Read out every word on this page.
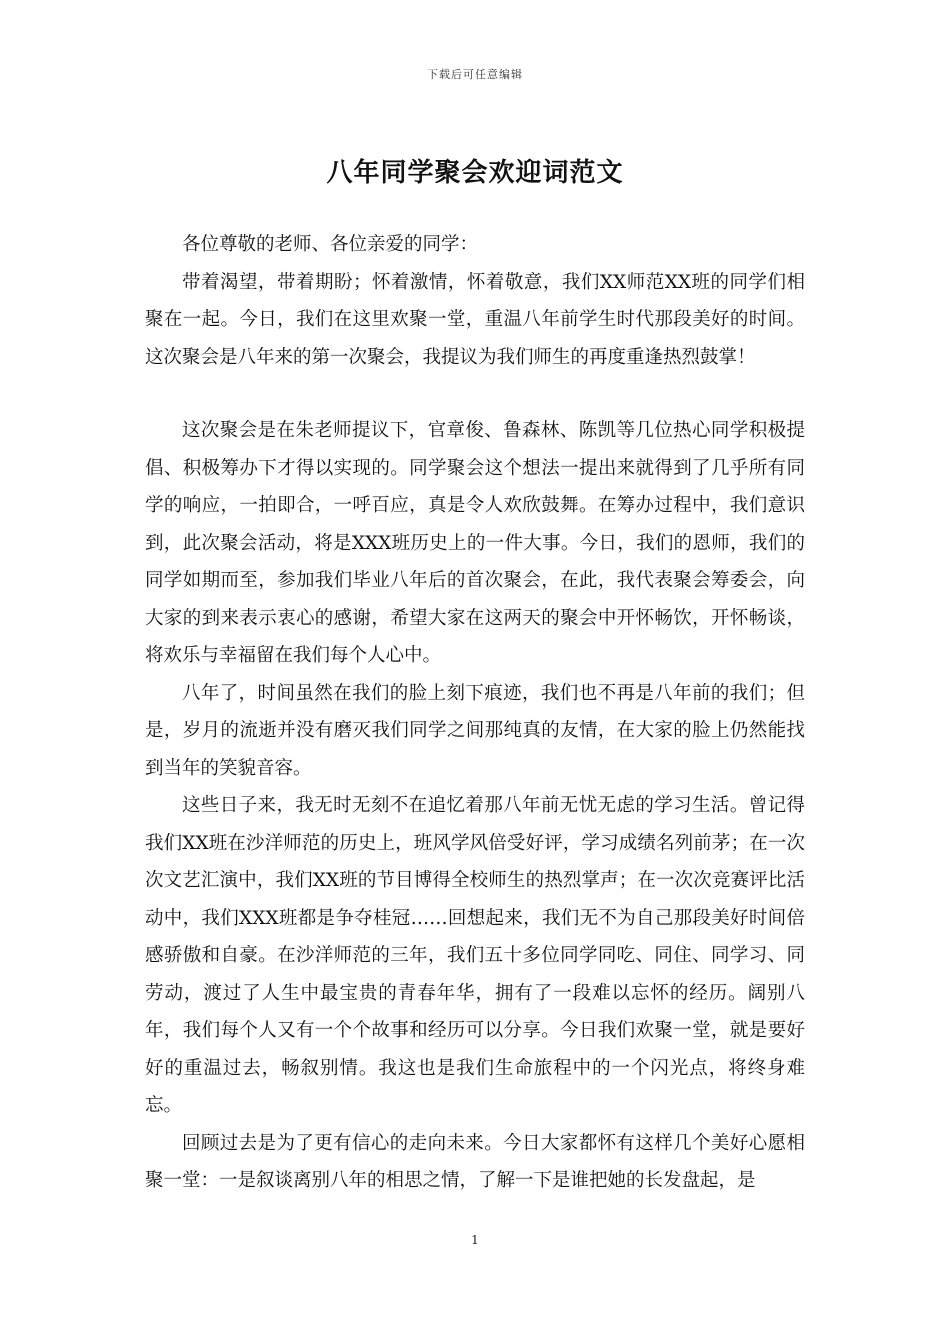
下载后可任意编辑
八年同学聚会欢迎词范文

各位尊敬的老师、各位亲爱的同学：

带着渴望，带着期盼；怀着激情，怀着敬意，我们XX师范XX班的同学们相聚在一起。今日，我们在这里欢聚一堂，重温八年前学生时代那段美好的时间。这次聚会是八年来的第一次聚会，我提议为我们师生的再度重逢热烈鼓掌！

这次聚会是在朱老师提议下，官章俊、鲁森林、陈凯等几位热心同学积极提倡、积极筹办下才得以实现的。同学聚会这个想法一提出来就得到了几乎所有同学的响应，一拍即合，一呼百应，真是令人欢欣鼓舞。在筹办过程中，我们意识到，此次聚会活动，将是XXX班历史上的一件大事。今日，我们的恩师，我们的同学如期而至，参加我们毕业八年后的首次聚会，在此，我代表聚会筹委会，向大家的到来表示衷心的感谢，希望大家在这两天的聚会中开怀畅饮，开怀畅谈，将欢乐与幸福留在我们每个人心中。

八年了，时间虽然在我们的脸上刻下痕迹，我们也不再是八年前的我们；但是，岁月的流逝并没有磨灭我们同学之间那纯真的友情，在大家的脸上仍然能找到当年的笑貌音容。

这些日子来，我无时无刻不在追忆着那八年前无忧无虑的学习生活。曾记得我们XX班在沙洋师范的历史上，班风学风倍受好评，学习成绩名列前茅；在一次次文艺汇演中，我们XX班的节目博得全校师生的热烈掌声；在一次次竞赛评比活动中，我们XXX班都是争夺桂冠……回想起来，我们无不为自己那段美好时间倍感骄傲和自豪。在沙洋师范的三年，我们五十多位同学同吃、同住、同学习、同劳动，渡过了人生中最宝贵的青春年华，拥有了一段难以忘怀的经历。阔别八年，我们每个人又有一个个故事和经历可以分享。今日我们欢聚一堂，就是要好好的重温过去，畅叙别情。我这也是我们生命旅程中的一个闪光点，将终身难忘。

回顾过去是为了更有信心的走向未来。今日大家都怀有这样几个美好心愿相聚一堂：一是叙谈离别八年的相思之情，了解一下是谁把她的长发盘起，是

1
